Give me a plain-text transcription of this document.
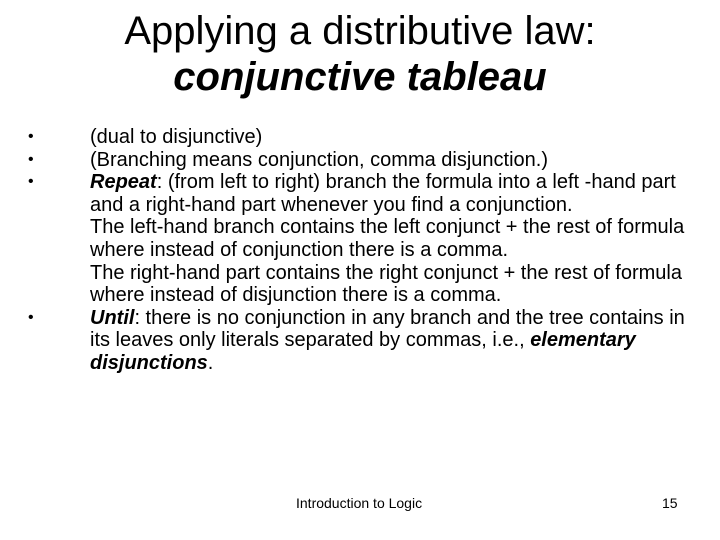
Applying a distributive law:
conjunctive tableau
•	(dual to disjunctive)
•	(Branching means conjunction, comma disjunction.)
•	Repeat: (from left to right) branch the formula into a left -hand part and a right-hand part whenever you find a conjunction.
The left-hand branch contains the left conjunct + the rest of formula where instead of conjunction there is a comma.
The right-hand part contains the right conjunct + the rest of formula where instead of disjunction there is a comma.
•	Until: there is no conjunction in any branch and the tree contains in its leaves only literals separated by commas, i.e., elementary disjunctions.
Introduction to Logic	15
